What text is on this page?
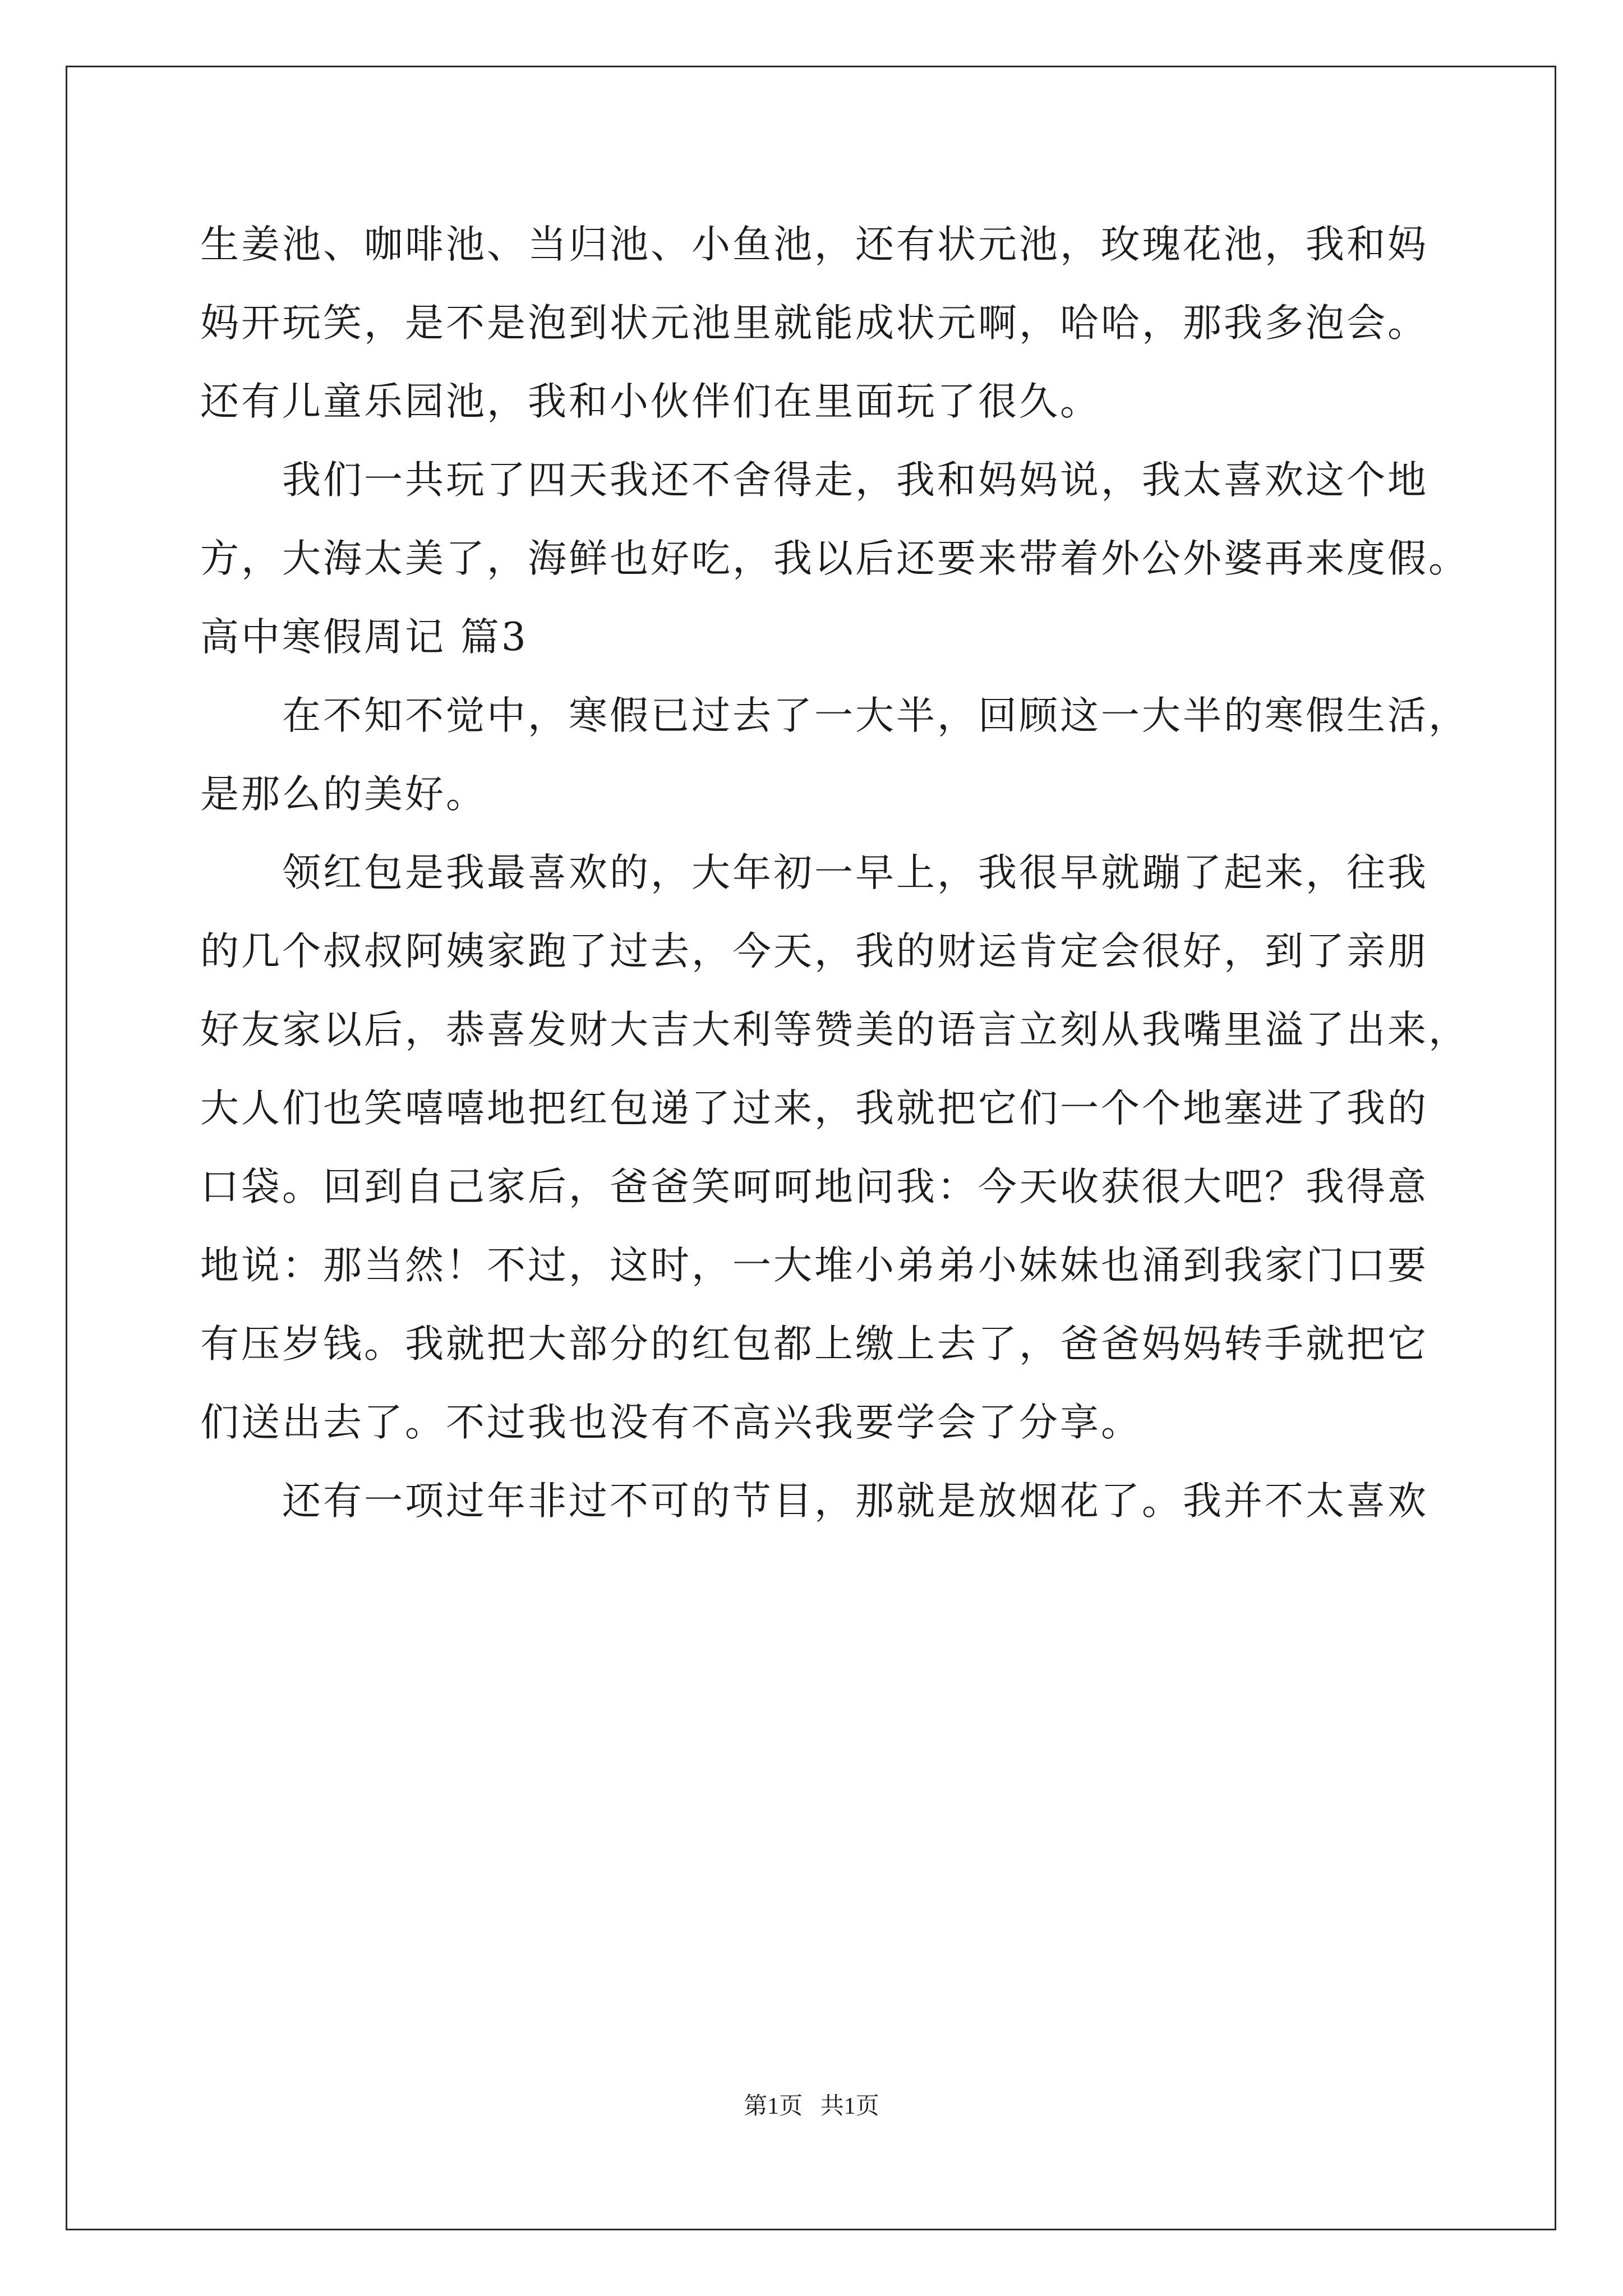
生姜池、咖啡池、当归池、小鱼池，还有状元池，玫瑰花池，我和妈
妈开玩笑，是不是泡到状元池里就能成状元啊，哈哈，那我多泡会。
还有儿童乐园池，我和小伙伴们在里面玩了很久。
我们一共玩了四天我还不舍得走，我和妈妈说，我太喜欢这个地
方，大海太美了，海鲜也好吃，我以后还要来带着外公外婆再来度假。
高中寒假周记 篇3
在不知不觉中，寒假已过去了一大半，回顾这一大半的寒假生活，
是那么的美好。
领红包是我最喜欢的，大年初一早上，我很早就蹦了起来，往我
的几个叔叔阿姨家跑了过去，今天，我的财运肯定会很好，到了亲朋
好友家以后，恭喜发财大吉大利等赞美的语言立刻从我嘴里溢了出来，
大人们也笑嘻嘻地把红包递了过来，我就把它们一个个地塞进了我的
口袋。回到自己家后，爸爸笑呵呵地问我：今天收获很大吧？我得意
地说：那当然！不过，这时，一大堆小弟弟小妹妹也涌到我家门口要
有压岁钱。我就把大部分的红包都上缴上去了，爸爸妈妈转手就把它
们送出去了。不过我也没有不高兴我要学会了分享。
还有一项过年非过不可的节目，那就是放烟花了。我并不太喜欢
第1页   共1页
